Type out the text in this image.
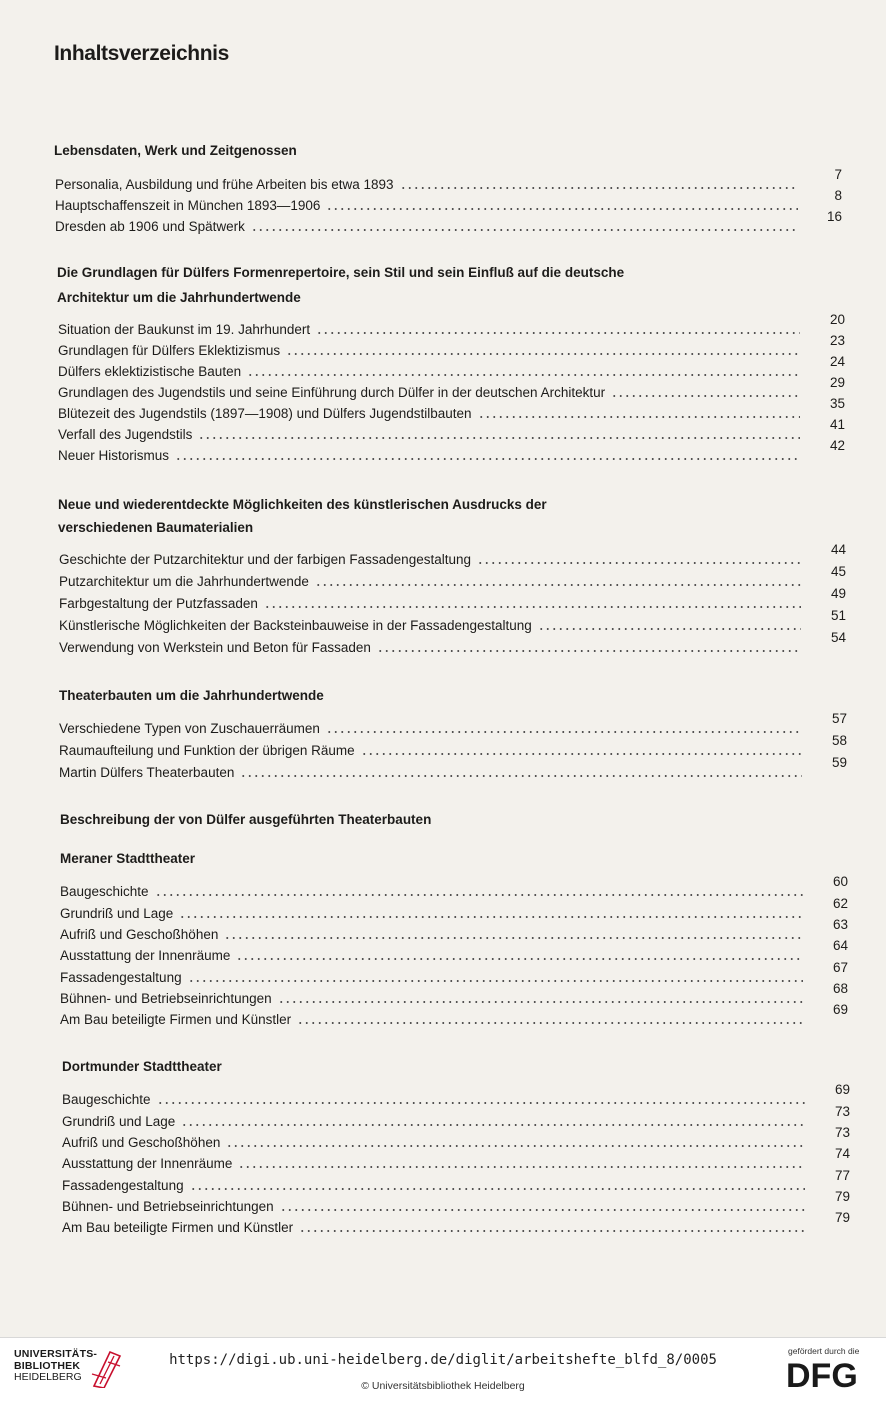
Inhaltsverzeichnis
Lebensdaten, Werk und Zeitgenossen
Personalia, Ausbildung und frühe Arbeiten bis etwa 1893
7
Hauptschaffenszeit in München 1893—1906
8
Dresden ab 1906 und Spätwerk
16
Die Grundlagen für Dülfers Formenrepertoire, sein Stil und sein Einfluß auf die deutsche
Architektur um die Jahrhundertwende
Situation der Baukunst im 19. Jahrhundert
20
Grundlagen für Dülfers Eklektizismus
23
Dülfers eklektizistische Bauten
24
Grundlagen des Jugendstils und seine Einführung durch Dülfer in der deutschen Architektur
29
Blütezeit des Jugendstils (1897—1908) und Dülfers Jugendstilbauten
35
Verfall des Jugendstils
41
Neuer Historismus
42
Neue und wiederentdeckte Möglichkeiten des künstlerischen Ausdrucks der
verschiedenen Baumaterialien
Geschichte der Putzarchitektur und der farbigen Fassadengestaltung
44
Putzarchitektur um die Jahrhundertwende
45
Farbgestaltung der Putzfassaden
49
Künstlerische Möglichkeiten der Backsteinbauweise in der Fassadengestaltung
51
Verwendung von Werkstein und Beton für Fassaden
54
Theaterbauten um die Jahrhundertwende
Verschiedene Typen von Zuschauerräumen
57
Raumaufteilung und Funktion der übrigen Räume
58
Martin Dülfers Theaterbauten
59
Beschreibung der von Dülfer ausgeführten Theaterbauten
Meraner Stadttheater
Baugeschichte
60
Grundriß und Lage
62
Aufriß und Geschoßhöhen
63
Ausstattung der Innenräume
64
Fassadengestaltung
67
Bühnen- und Betriebseinrichtungen
68
Am Bau beteiligte Firmen und Künstler
69
Dortmunder Stadttheater
Baugeschichte
69
Grundriß und Lage
73
Aufriß und Geschoßhöhen
73
Ausstattung der Innenräume
74
Fassadengestaltung
77
Bühnen- und Betriebseinrichtungen
79
Am Bau beteiligte Firmen und Künstler
79
UNIVERSITÄTS-
BIBLIOTHEK
HEIDELBERG
https://digi.ub.uni-heidelberg.de/diglit/arbeitshefte_blfd_8/0005
© Universitätsbibliothek Heidelberg
gefördert durch die
DFG
